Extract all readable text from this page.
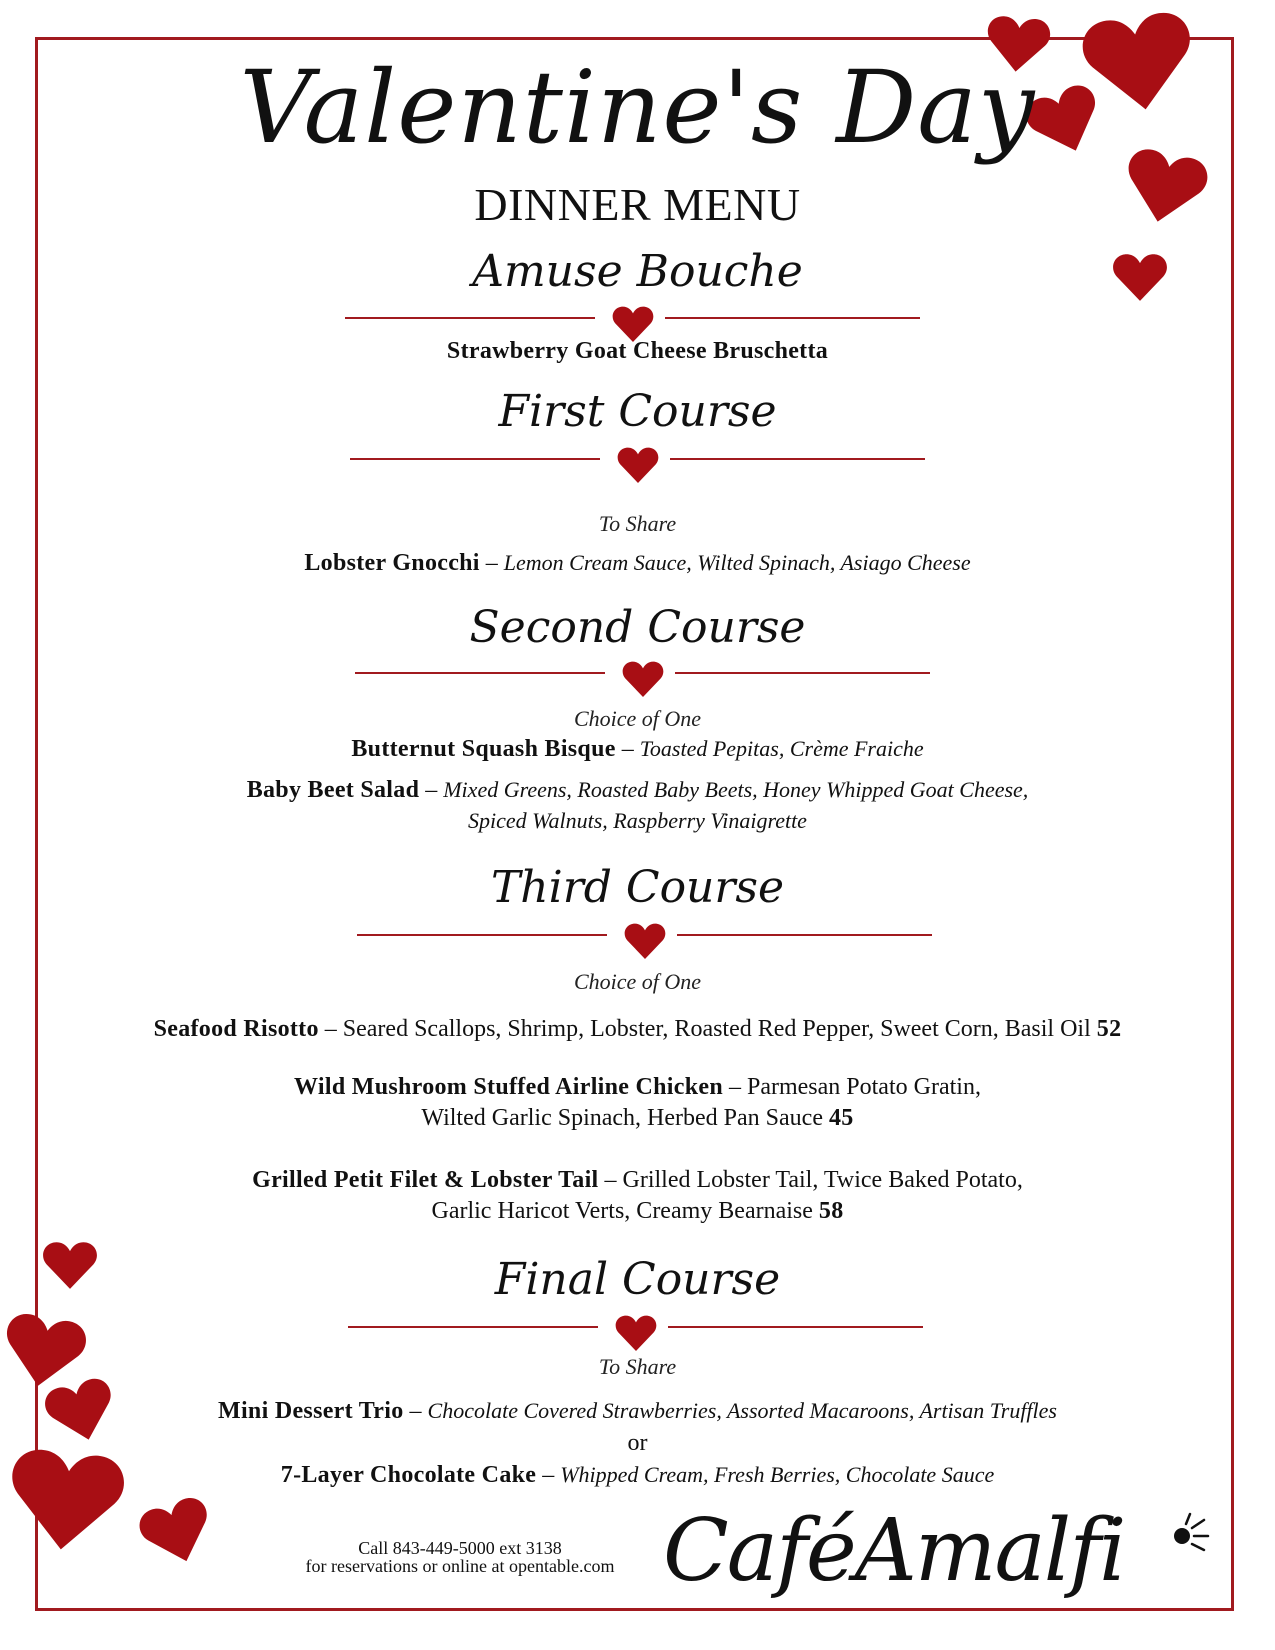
Valentine's Day
DINNER MENU
Amuse Bouche
Strawberry Goat Cheese Bruschetta
First Course
To Share
Lobster Gnocchi – Lemon Cream Sauce, Wilted Spinach, Asiago Cheese
Second Course
Choice of One
Butternut Squash Bisque – Toasted Pepitas, Crème Fraiche
Baby Beet Salad – Mixed Greens, Roasted Baby Beets, Honey Whipped Goat Cheese,
Spiced Walnuts, Raspberry Vinaigrette
Third Course
Choice of One
Seafood Risotto – Seared Scallops, Shrimp, Lobster, Roasted Red Pepper, Sweet Corn, Basil Oil 52
Wild Mushroom Stuffed Airline Chicken – Parmesan Potato Gratin,
Wilted Garlic Spinach, Herbed Pan Sauce 45
Grilled Petit Filet & Lobster Tail – Grilled Lobster Tail, Twice Baked Potato,
Garlic Haricot Verts, Creamy Bearnaise 58
Final Course
To Share
Mini Dessert Trio – Chocolate Covered Strawberries, Assorted Macaroons, Artisan Truffles
or
7-Layer Chocolate Cake – Whipped Cream, Fresh Berries, Chocolate Sauce
Call 843-449-5000 ext 3138
for reservations or online at opentable.com CaféAmalfi
